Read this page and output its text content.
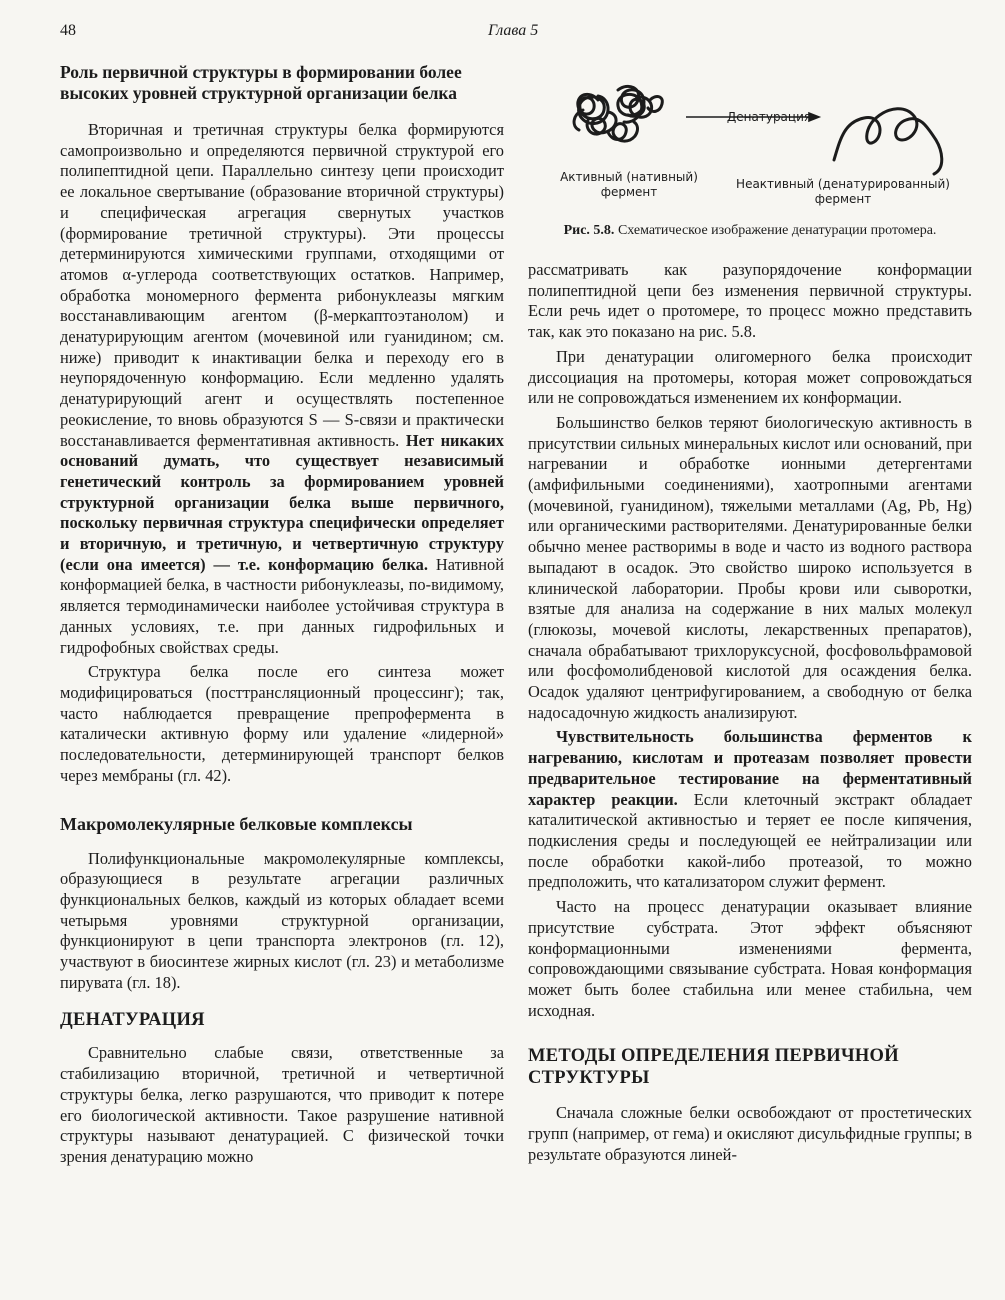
48	Глава 5
Роль первичной структуры в формировании более высоких уровней структурной организации белка

Вторичная и третичная структуры белка формируются самопроизвольно и определяются первичной структурой его полипептидной цепи. Параллельно синтезу цепи происходит ее локальное свертывание (образование вторичной структуры) и специфическая агрегация свернутых участков (формирование третичной структуры). Эти процессы детерминируются химическими группами, отходящими от атомов α-углерода соответствующих остатков. Например, обработка мономерного фермента рибонуклеазы мягким восстанавливающим агентом (β-меркаптоэтанолом) и денатурирующим агентом (мочевиной или гуанидином; см. ниже) приводит к инактивации белка и переходу его в неупорядоченную конформацию. Если медленно удалять денатурирующий агент и осуществлять постепенное реокисление, то вновь образуются S — S-связи и практически восстанавливается ферментативная активность. Нет никаких оснований думать, что существует независимый генетический контроль за формированием уровней структурной организации белка выше первичного, поскольку первичная структура специфически определяет и вторичную, и третичную, и четвертичную структуру (если она имеется) — т.е. конформацию белка. Нативной конформацией белка, в частности рибонуклеазы, по-видимому, является термодинамически наиболее устойчивая структура в данных условиях, т.е. при данных гидрофильных и гидрофобных свойствах среды.

Структура белка после его синтеза может модифицироваться (посттрансляционный процессинг); так, часто наблюдается превращение препрофермента в каталически активную форму или удаление «лидерной» последовательности, детерминирующей транспорт белков через мембраны (гл. 42).

Макромолекулярные белковые комплексы

Полифункциональные макромолекулярные комплексы, образующиеся в результате агрегации различных функциональных белков, каждый из которых обладает всеми четырьмя уровнями структурной организации, функционируют в цепи транспорта электронов (гл. 12), участвуют в биосинтезе жирных кислот (гл. 23) и метаболизме пирувата (гл. 18).

ДЕНАТУРАЦИЯ

Сравнительно слабые связи, ответственные за стабилизацию вторичной, третичной и четвертичной структуры белка, легко разрушаются, что приводит к потере его биологической активности. Такое разрушение нативной структуры называют денатурацией. С физической точки зрения денатурацию можно

Денатурация
Активный (нативный) фермент
Неактивный (денатурированный) фермент
Рис. 5.8. Схематическое изображение денатурации протомера.

рассматривать как разупорядочение конформации полипептидной цепи без изменения первичной структуры. Если речь идет о протомере, то процесс можно представить так, как это показано на рис. 5.8.

При денатурации олигомерного белка происходит диссоциация на протомеры, которая может сопровождаться или не сопровождаться изменением их конформации.

Большинство белков теряют биологическую активность в присутствии сильных минеральных кислот или оснований, при нагревании и обработке ионными детергентами (амфифильными соединениями), хаотропными агентами (мочевиной, гуанидином), тяжелыми металлами (Ag, Pb, Hg) или органическими растворителями. Денатурированные белки обычно менее растворимы в воде и часто из водного раствора выпадают в осадок. Это свойство широко используется в клинической лаборатории. Пробы крови или сыворотки, взятые для анализа на содержание в них малых молекул (глюкозы, мочевой кислоты, лекарственных препаратов), сначала обрабатывают трихлоруксусной, фосфовольфрамовой или фосфомолибденовой кислотой для осаждения белка. Осадок удаляют центрифугированием, а свободную от белка надосадочную жидкость анализируют.

Чувствительность большинства ферментов к нагреванию, кислотам и протеазам позволяет провести предварительное тестирование на ферментативный характер реакции. Если клеточный экстракт обладает каталитической активностью и теряет ее после кипячения, подкисления среды и последующей ее нейтрализации или после обработки какой-либо протеазой, то можно предположить, что катализатором служит фермент.

Часто на процесс денатурации оказывает влияние присутствие субстрата. Этот эффект объясняют конформационными изменениями фермента, сопровождающими связывание субстрата. Новая конформация может быть более стабильна или менее стабильна, чем исходная.

МЕТОДЫ ОПРЕДЕЛЕНИЯ ПЕРВИЧНОЙ СТРУКТУРЫ

Сначала сложные белки освобождают от простетических групп (например, от гема) и окисляют дисульфидные группы; в результате образуются линей-
